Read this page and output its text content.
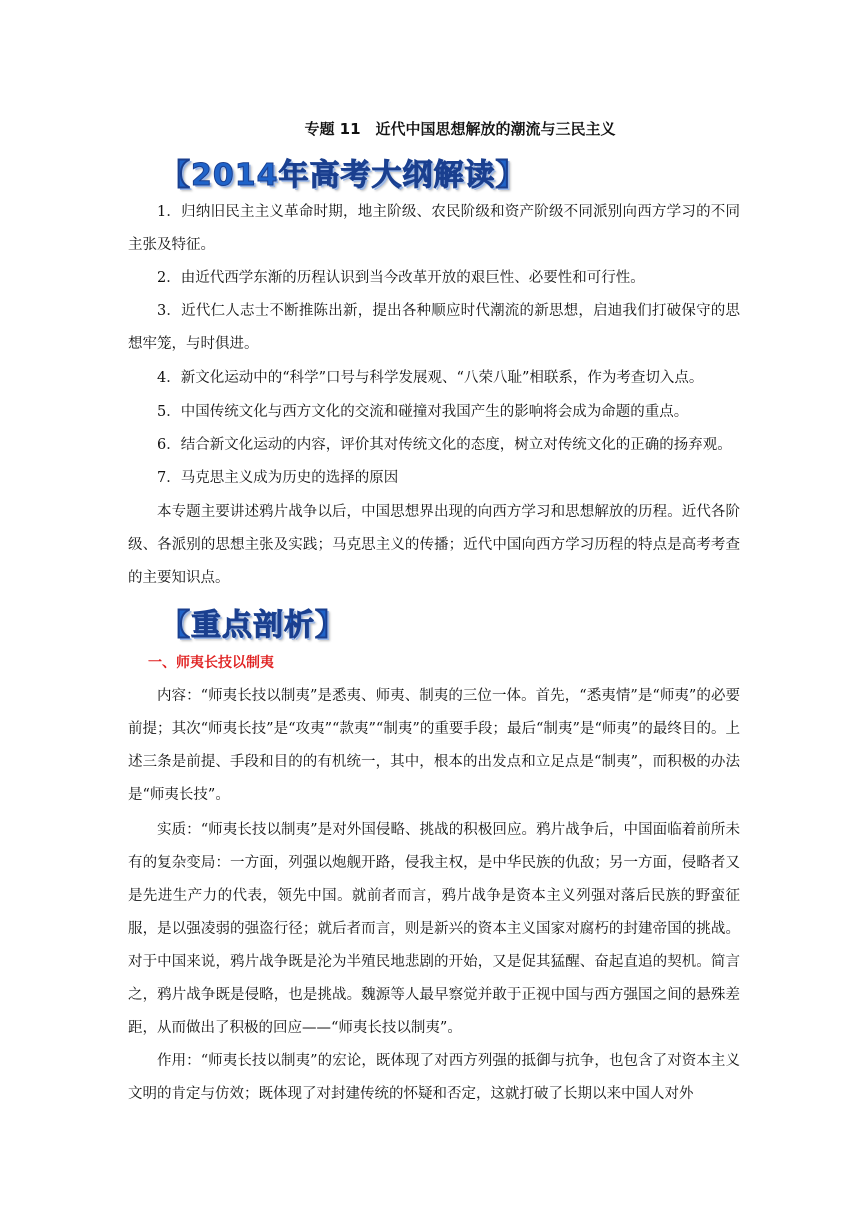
专题 11　近代中国思想解放的潮流与三民主义
【2014年高考大纲解读】
1．归纳旧民主主义革命时期，地主阶级、农民阶级和资产阶级不同派别向西方学习的不同主张及特征。
2．由近代西学东渐的历程认识到当今改革开放的艰巨性、必要性和可行性。
3．近代仁人志士不断推陈出新，提出各种顺应时代潮流的新思想，启迪我们打破保守的思想牢笼，与时俱进。
4．新文化运动中的“科学”口号与科学发展观、“八荣八耻”相联系，作为考查切入点。
5．中国传统文化与西方文化的交流和碰撞对我国产生的影响将会成为命题的重点。
6．结合新文化运动的内容，评价其对传统文化的态度，树立对传统文化的正确的扬弃观。
7．马克思主义成为历史的选择的原因
本专题主要讲述鸦片战争以后，中国思想界出现的向西方学习和思想解放的历程。近代各阶级、各派别的思想主张及实践；马克思主义的传播；近代中国向西方学习历程的特点是高考考查的主要知识点。
【重点剖析】
一、师夷长技以制夷
内容：“师夷长技以制夷”是悉夷、师夷、制夷的三位一体。首先，“悉夷情”是“师夷”的必要前提；其次“师夷长技”是“攻夷”“款夷”“制夷”的重要手段；最后“制夷”是“师夷”的最终目的。上述三条是前提、手段和目的的有机统一，其中，根本的出发点和立足点是“制夷”，而积极的办法是“师夷长技”。
实质：“师夷长技以制夷”是对外国侵略、挑战的积极回应。鸦片战争后，中国面临着前所未有的复杂变局：一方面，列强以炮舰开路，侵我主权，是中华民族的仇敌；另一方面，侵略者又是先进生产力的代表，领先中国。就前者而言，鸦片战争是资本主义列强对落后民族的野蛮征服，是以强凌弱的强盗行径；就后者而言，则是新兴的资本主义国家对腐朽的封建帝国的挑战。对于中国来说，鸦片战争既是沦为半殖民地悲剧的开始，又是促其猛醒、奋起直追的契机。简言之，鸦片战争既是侵略，也是挑战。魏源等人最早察觉并敢于正视中国与西方强国之间的悬殊差距，从而做出了积极的回应——“师夷长技以制夷”。
作用：“师夷长技以制夷”的宏论，既体现了对西方列强的抵御与抗争，也包含了对资本主义文明的肯定与仿效；既体现了对封建传统的怀疑和否定，这就打破了长期以来中国人对外
